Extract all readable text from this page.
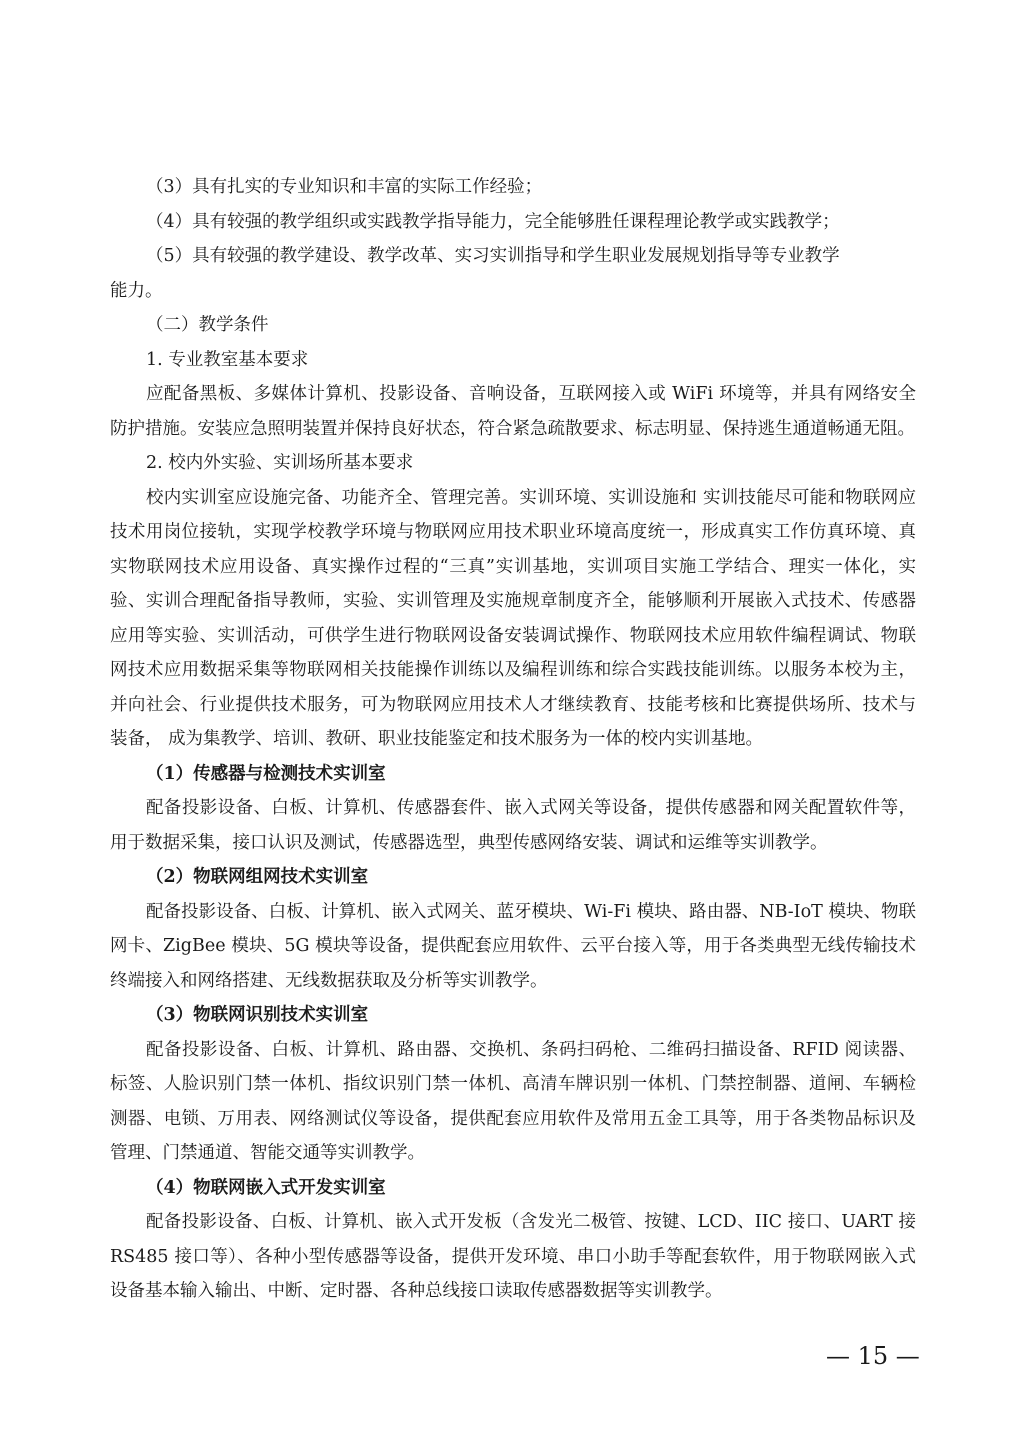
（3）具有扎实的专业知识和丰富的实际工作经验；
（4）具有较强的教学组织或实践教学指导能力，完全能够胜任课程理论教学或实践教学；
（5）具有较强的教学建设、教学改革、实习实训指导和学生职业发展规划指导等专业教学
能力。
（二）教学条件
1. 专业教室基本要求
应配备黑板、多媒体计算机、投影设备、音响设备，互联网接入或 WiFi 环境等，并具有网络安全
防护措施。安装应急照明装置并保持良好状态，符合紧急疏散要求、标志明显、保持逃生通道畅通无阻。
2. 校内外实验、实训场所基本要求
校内实训室应设施完备、功能齐全、管理完善。实训环境、实训设施和 实训技能尽可能和物联网应
技术用岗位接轨，实现学校教学环境与物联网应用技术职业环境高度统一，形成真实工作仿真环境、真
实物联网技术应用设备、真实操作过程的“三真”实训基地，实训项目实施工学结合、理实一体化，实
验、实训合理配备指导教师，实验、实训管理及实施规章制度齐全，能够顺利开展嵌入式技术、传感器
应用等实验、实训活动，可供学生进行物联网设备安装调试操作、物联网技术应用软件编程调试、物联
网技术应用数据采集等物联网相关技能操作训练以及编程训练和综合实践技能训练。以服务本校为主，
并向社会、行业提供技术服务，可为物联网应用技术人才继续教育、技能考核和比赛提供场所、技术与
装备， 成为集教学、培训、教研、职业技能鉴定和技术服务为一体的校内实训基地。
（1）传感器与检测技术实训室
配备投影设备、白板、计算机、传感器套件、嵌入式网关等设备，提供传感器和网关配置软件等，
用于数据采集，接口认识及测试，传感器选型，典型传感网络安装、调试和运维等实训教学。
（2）物联网组网技术实训室
配备投影设备、白板、计算机、嵌入式网关、蓝牙模块、Wi-Fi 模块、路由器、NB-IoT 模块、物联
网卡、ZigBee 模块、5G 模块等设备，提供配套应用软件、云平台接入等，用于各类典型无线传输技术
终端接入和网络搭建、无线数据获取及分析等实训教学。
（3）物联网识别技术实训室
配备投影设备、白板、计算机、路由器、交换机、条码扫码枪、二维码扫描设备、RFID 阅读器、
标签、人脸识别门禁一体机、指纹识别门禁一体机、高清车牌识别一体机、门禁控制器、道闸、车辆检
测器、电锁、万用表、网络测试仪等设备，提供配套应用软件及常用五金工具等，用于各类物品标识及
管理、门禁通道、智能交通等实训教学。
（4）物联网嵌入式开发实训室
配备投影设备、白板、计算机、嵌入式开发板（含发光二极管、按键、LCD、IIC 接口、UART 接
RS485 接口等）、各种小型传感器等设备，提供开发环境、串口小助手等配套软件，用于物联网嵌入式
设备基本输入输出、中断、定时器、各种总线接口读取传感器数据等实训教学。
— 15 —
